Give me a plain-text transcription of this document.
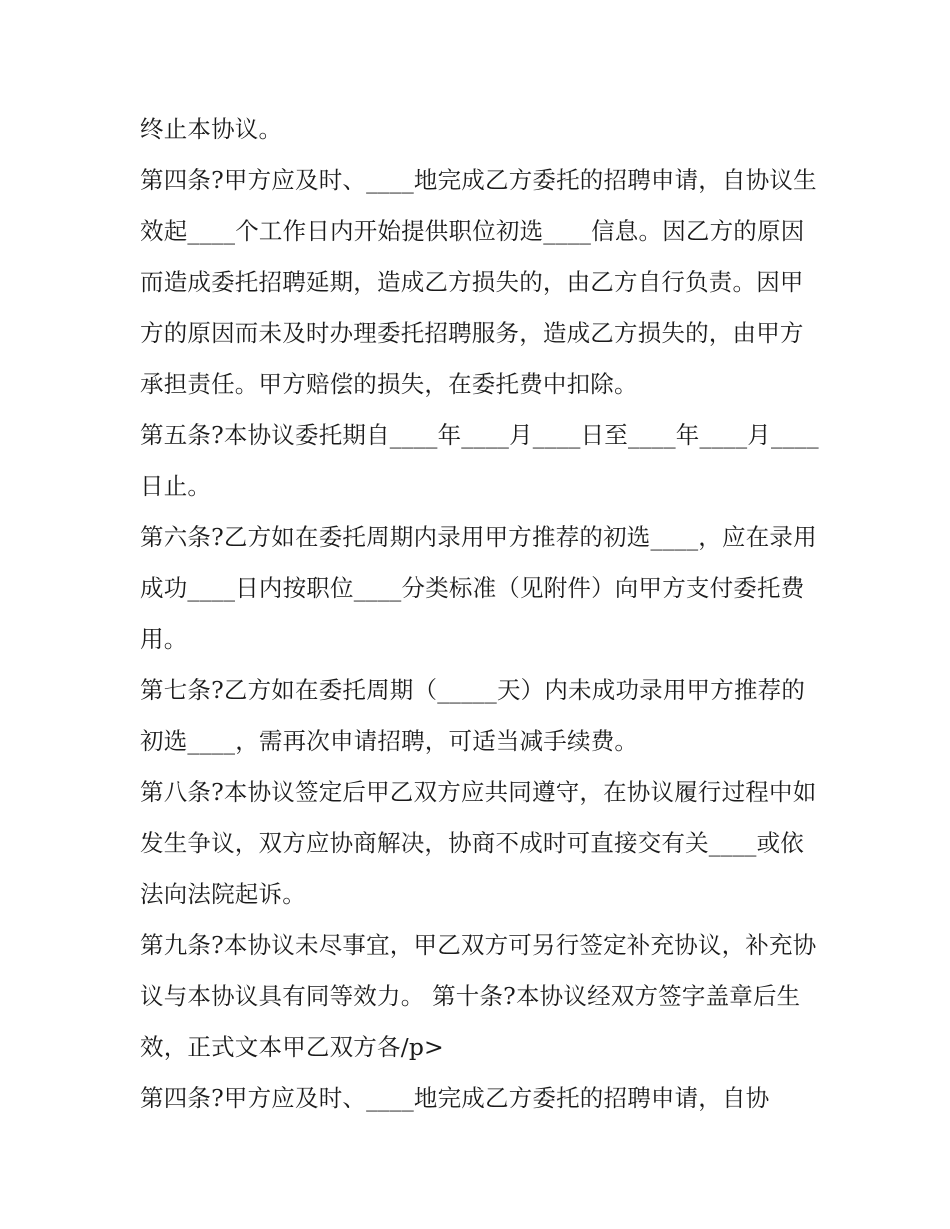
终止本协议。

第四条?甲方应及时、____地完成乙方委托的招聘申请，自协议生效起____个工作日内开始提供职位初选____信息。因乙方的原因而造成委托招聘延期，造成乙方损失的，由乙方自行负责。因甲方的原因而未及时办理委托招聘服务，造成乙方损失的，由甲方承担责任。甲方赔偿的损失，在委托费中扣除。

第五条?本协议委托期自____年____月____日至____年____月____日止。

第六条?乙方如在委托周期内录用甲方推荐的初选____，应在录用成功____日内按职位____分类标准（见附件）向甲方支付委托费用。

第七条?乙方如在委托周期（_____天）内未成功录用甲方推荐的初选____，需再次申请招聘，可适当减手续费。

第八条?本协议签定后甲乙双方应共同遵守，在协议履行过程中如发生争议，双方应协商解决，协商不成时可直接交有关____或依法向法院起诉。

第九条?本协议未尽事宜，甲乙双方可另行签定补充协议，补充协议与本协议具有同等效力。 第十条?本协议经双方签字盖章后生效，正式文本甲乙双方各/p>

第四条?甲方应及时、____地完成乙方委托的招聘申请，自协
